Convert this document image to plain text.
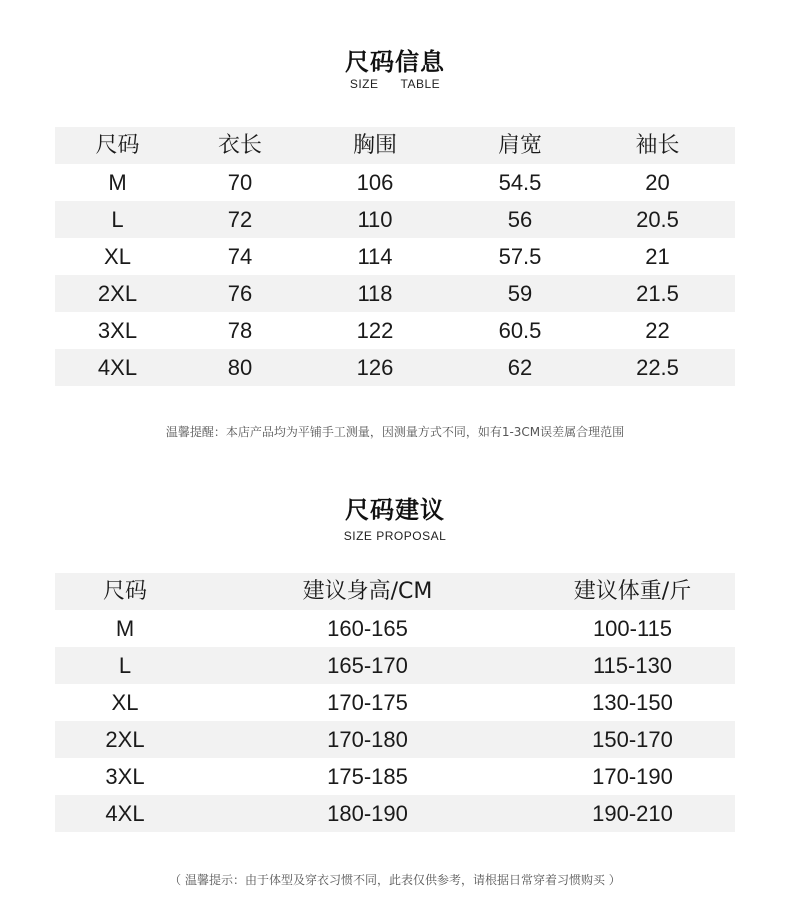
尺码信息
SIZE TABLE
尺码	衣长	胸围	肩宽	袖长
M	70	106	54.5	20
L	72	110	56	20.5
XL	74	114	57.5	21
2XL	76	118	59	21.5
3XL	78	122	60.5	22
4XL	80	126	62	22.5
温馨提醒：本店产品均为平铺手工测量，因测量方式不同，如有1-3CM误差属合理范围
尺码建议
SIZE PROPOSAL
尺码	建议身高/CM	建议体重/斤
M	160-165	100-115
L	165-170	115-130
XL	170-175	130-150
2XL	170-180	150-170
3XL	175-185	170-190
4XL	180-190	190-210
（ 温馨提示：由于体型及穿衣习惯不同，此表仅供参考，请根据日常穿着习惯购买 ）
